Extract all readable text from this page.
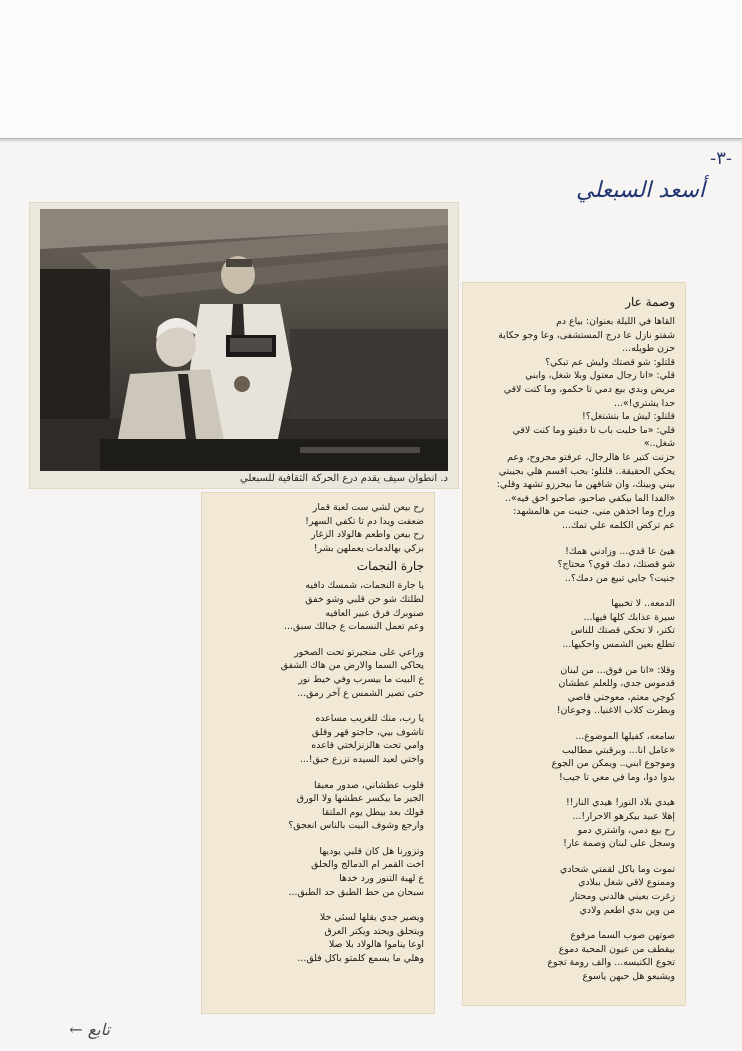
-٣-
أسعد السبعلي
د. انطوان سيف يقدم درع الحركة الثقافية للسبعلي
وصمة عار
القاها في الليلة بعنوان: بياع دم
شفتو نازل عا درج المستشفى، وعا وجو حكاية
حزن طويله...
قلتلو: شو قصتك وليش عم تبكي؟
قلي: «انا رجال معتول وبلا شغل، وابني
مريض وبدي بيع دمي تا حكمو، وما كنت لاقي
حدا يشتري!»...
قلتلو: ليش ما بتشتغل؟!
قلي: «ما خليت باب تا دقيتو وما كنت لاقي
شغل..»
حزنت كتير عا هالرجال، عرفتو مجروح، وعم
يحكي الحقيقة.. قلتلو: بحب اقسم هلي بجيبتي
بيني وبينك، وان شافهن ما بيحرزو تشهد وقلي:
«الفدا الما بيكفي صاحبو، صاحبو احق فيه»..
وراح وما اخذهن مني، جنيت من هالمشهد:
عم تركض الكلمه علي تمك...
هيئ عا قدي... وزادني همك!
شو قصتك، دمك قوي؟ محتاج؟
جنيت؟ جايي تبيع من دمك؟..
الدمعه.. لا تخبيها
سيرة عذابك كلها فيها...
تكتر، لا تحكي قصتك للناس
تطلع بعين الشمس واحكيها...
وقلا: «انا من فوق... من لبنان
قدموس جدي، وللعلم عطشان
كوجي معتم، معوجني قاصي
وبطرت كلاب الاغنيا.. وجوعان!
سامعه، كفيلها الموضوع...
«عامل انا... وبرقبتي مطاليب
وموجوع ابني.. ويمكن من الجوع
بدوا دوا، وما في معي تا جيب!
هيدي بلاد النور! هيدي النار!!
إهلا عبيد بيكرهو الاحرار!...
رح بيع دمي، واشتري دمو
وسجل على لبنان وصمة عار!
تموت وما باكل لقمتي شحادي
وممنوع لاقي شغل ببلادي
زغرت بعيني هالدني ومحتار
من وين بدي اطعم ولادي
صوتهن صوب السما مرفوع
بيقطف من عيون المحبة دموع
تجوع الكنيسه... والف رومة تجوع
ويشبعو هل حبهن ياسوع
رح بيعن لشي ست لعبة قمار
ضعفت ويدا دم تا تكفي السهر!
رح بيعن واطعم هالولاد الزغار
بركي بهالدمات يعملهن بشر!
جارة النجمات
يا جارة النجمات، شمسك دافيه
لطلتك شو حن قلبي وشو خفق
صنوبرك فرق عبير العافيه
وعم تعمل النسمات ع جبالك سبق...
وراعي على منجيرتو تحت الصخور
يحاكي السما والارض من هاك الشفق
ع البيت ما بيسرب وفي خيط نور
حتى تصير الشمس ع آخر رمق...
يا رب، منك للغريب مساعده
تاشوف بيي، حاجتو قهر وقلق
وامي تحت هالزنزلختي قاعده
واختي لعيد السيده تزرع حبق!...
قلوب عطشاني، صدور معبقا
الجير ما بيكسر عطشها ولا الورق
قولك بعد بيطل يوم الملتقا
وارجع وشوف البيت بالناس انعجق؟
وتزورنا هل كان قلبي يوديها
اخت القمر ام الدمالج والحلق
ع لهبة التنور ورد خدها
سبحان من حط الطبق حد الطبق...
ويصير جدي يقلها لسئي حلا
ويتحلق ويحتد ويكتر العرق
اوعا يناموا هالولاد بلا صلا
وهلي ما يسمع كلمتو باكل فلق...
تابع ←
